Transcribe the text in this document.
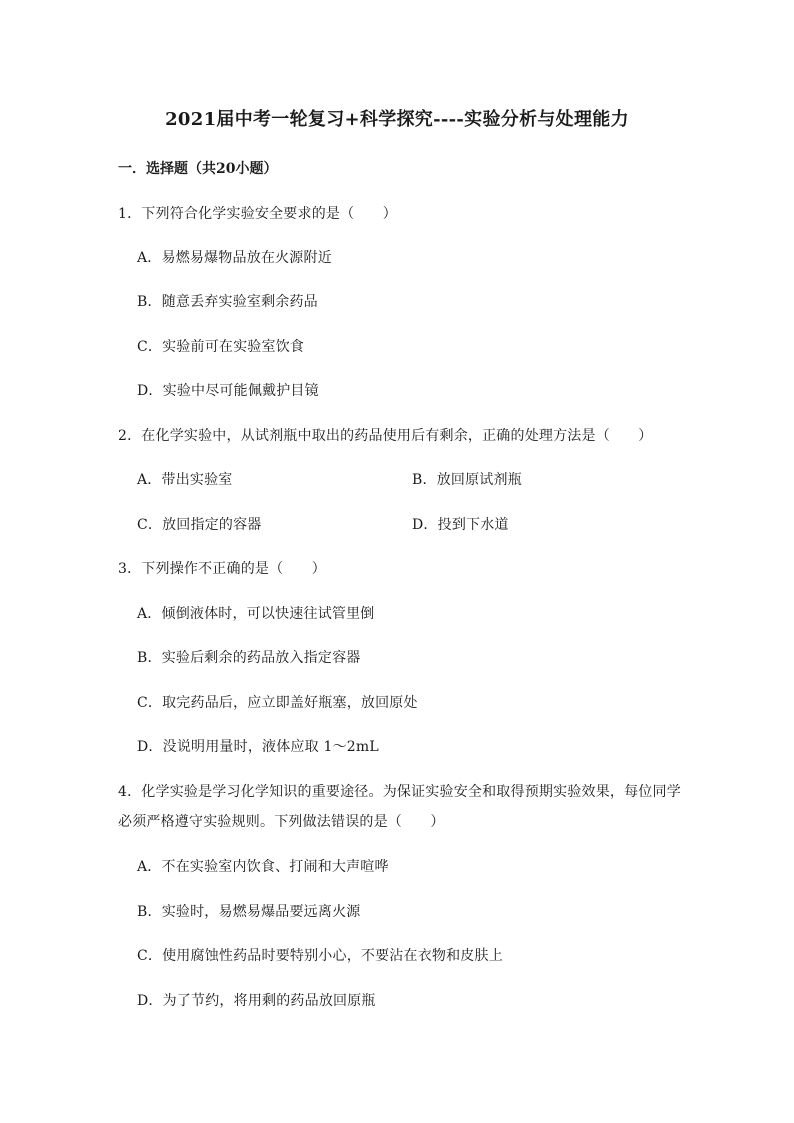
2021届中考一轮复习+科学探究----实验分析与处理能力
一．选择题（共20小题）
1．下列符合化学实验安全要求的是（　　）
A．易燃易爆物品放在火源附近
B．随意丢弃实验室剩余药品
C．实验前可在实验室饮食
D．实验中尽可能佩戴护目镜
2．在化学实验中，从试剂瓶中取出的药品使用后有剩余，正确的处理方法是（　　）
A．带出实验室	B．放回原试剂瓶
C．放回指定的容器	D．投到下水道
3．下列操作不正确的是（　　）
A．倾倒液体时，可以快速往试管里倒
B．实验后剩余的药品放入指定容器
C．取完药品后，应立即盖好瓶塞，放回原处
D．没说明用量时，液体应取 1～2mL
4．化学实验是学习化学知识的重要途径。为保证实验安全和取得预期实验效果，每位同学
必须严格遵守实验规则。下列做法错误的是（　　）
A．不在实验室内饮食、打闹和大声喧哗
B．实验时，易燃易爆品要远离火源
C．使用腐蚀性药品时要特别小心，不要沾在衣物和皮肤上
D．为了节约，将用剩的药品放回原瓶
